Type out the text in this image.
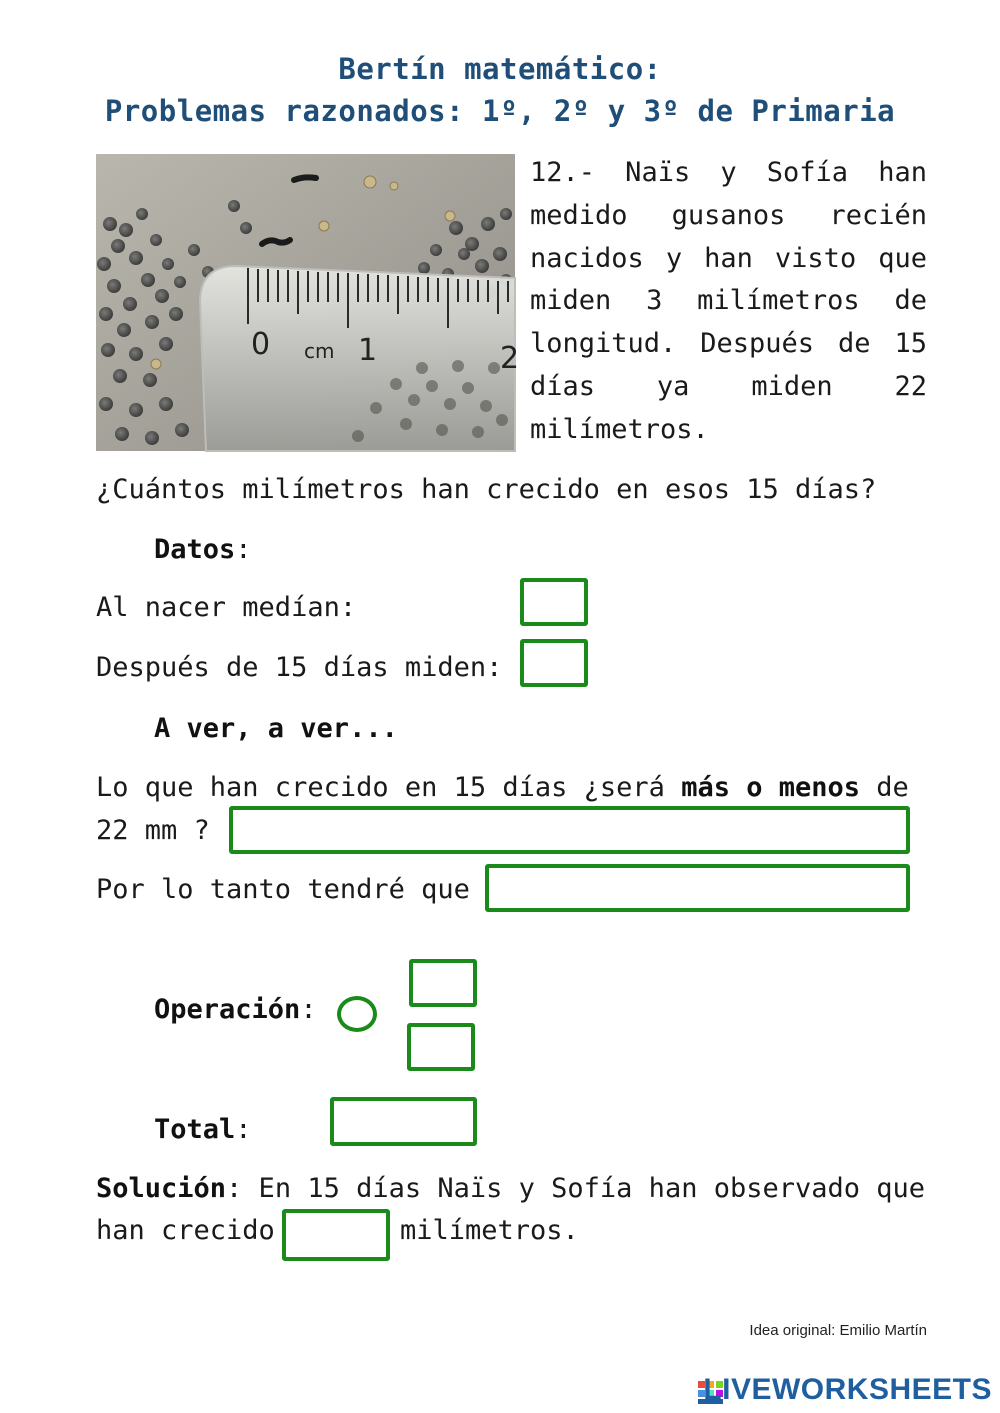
Bertín matemático:
Problemas razonados: 1º, 2º y 3º de Primaria
0 cm 1	2
12.- Naïs y Sofía han medido gusanos recién nacidos y han visto que miden 3 milímetros de longitud. Después de 15 días ya miden 22 milímetros.
¿Cuántos milímetros han crecido en esos 15 días?
Datos:
Al nacer medían:
Después de 15 días miden:
A ver, a ver...
Lo que han crecido en 15 días ¿será más o menos de
22 mm ?
Por lo tanto tendré que
Operación:
Total:
Solución: En 15 días Naïs y Sofía han observado que
han crecido	milímetros.
Idea original: Emilio Martín
LIVEWORKSHEETS
